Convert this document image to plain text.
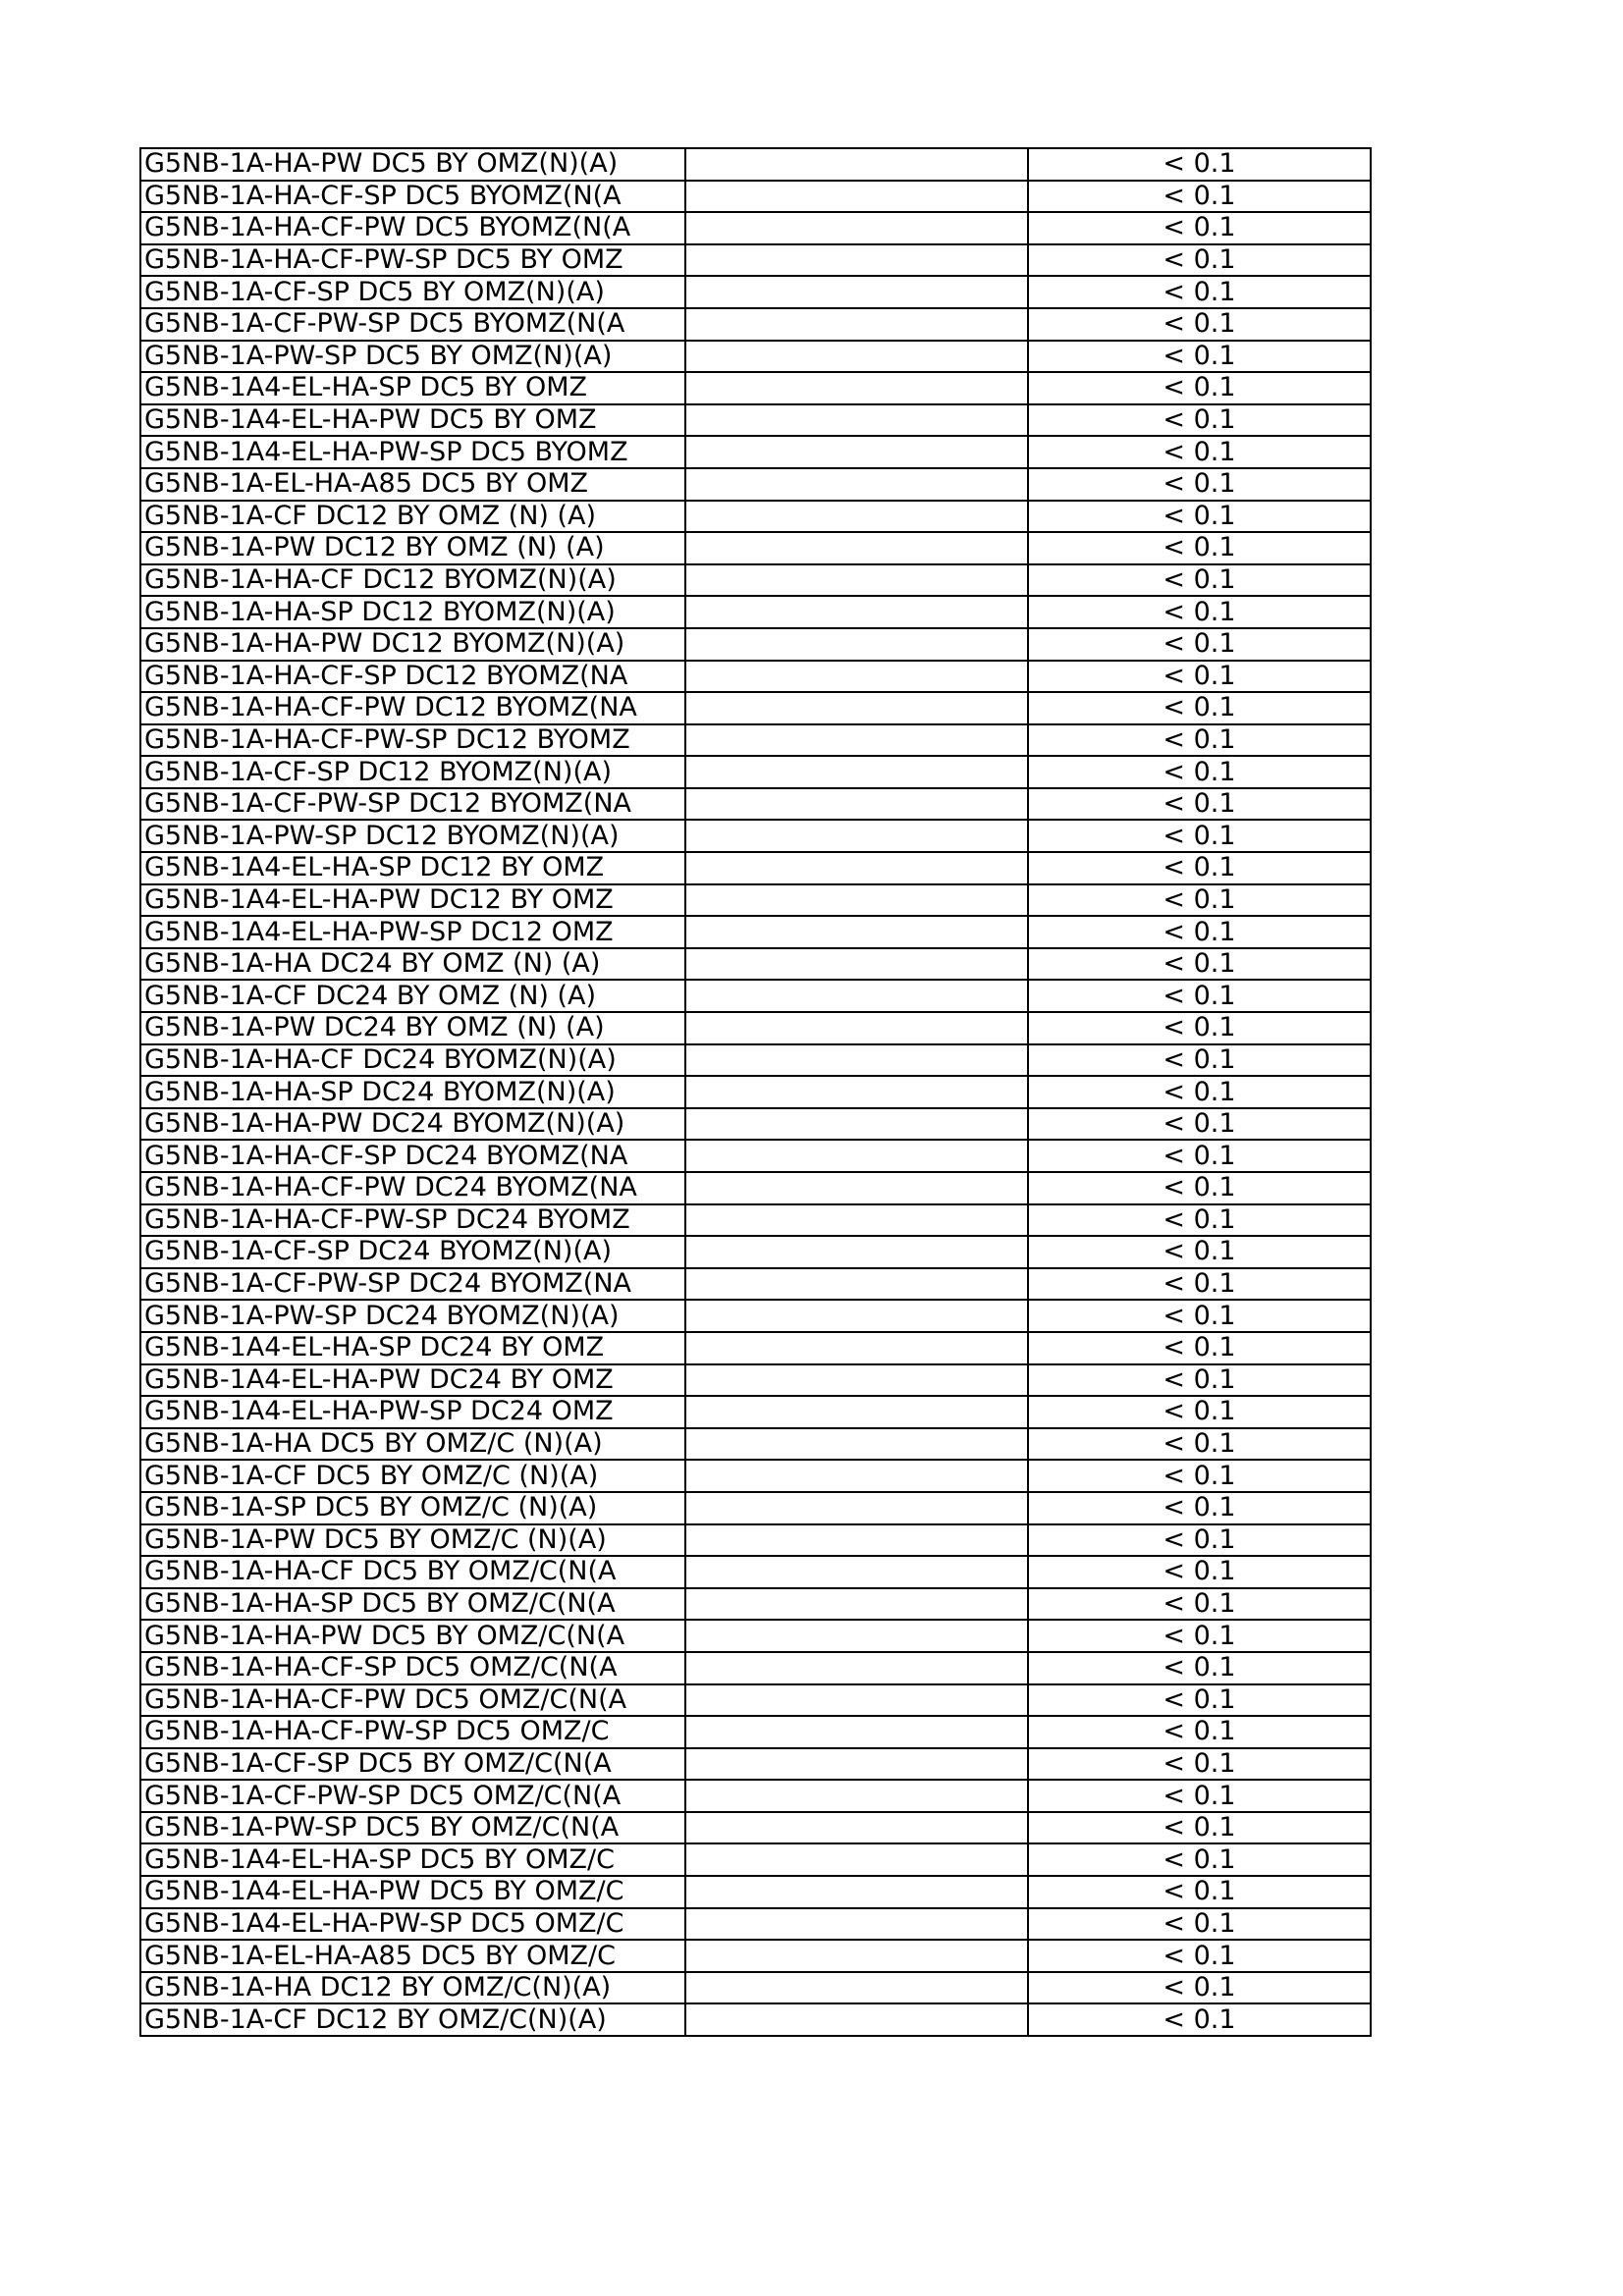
G5NB-1A-HA-PW DC5 BY OMZ(N)(A)		< 0.1
G5NB-1A-HA-CF-SP DC5 BYOMZ(N(A		< 0.1
G5NB-1A-HA-CF-PW DC5 BYOMZ(N(A		< 0.1
G5NB-1A-HA-CF-PW-SP DC5 BY OMZ		< 0.1
G5NB-1A-CF-SP DC5 BY OMZ(N)(A)		< 0.1
G5NB-1A-CF-PW-SP DC5 BYOMZ(N(A		< 0.1
G5NB-1A-PW-SP DC5 BY OMZ(N)(A)		< 0.1
G5NB-1A4-EL-HA-SP DC5 BY OMZ		< 0.1
G5NB-1A4-EL-HA-PW DC5 BY OMZ		< 0.1
G5NB-1A4-EL-HA-PW-SP DC5 BYOMZ		< 0.1
G5NB-1A-EL-HA-A85 DC5 BY OMZ		< 0.1
G5NB-1A-CF DC12 BY OMZ (N) (A)		< 0.1
G5NB-1A-PW DC12 BY OMZ (N) (A)		< 0.1
G5NB-1A-HA-CF DC12 BYOMZ(N)(A)		< 0.1
G5NB-1A-HA-SP DC12 BYOMZ(N)(A)		< 0.1
G5NB-1A-HA-PW DC12 BYOMZ(N)(A)		< 0.1
G5NB-1A-HA-CF-SP DC12 BYOMZ(NA		< 0.1
G5NB-1A-HA-CF-PW DC12 BYOMZ(NA		< 0.1
G5NB-1A-HA-CF-PW-SP DC12 BYOMZ		< 0.1
G5NB-1A-CF-SP DC12 BYOMZ(N)(A)		< 0.1
G5NB-1A-CF-PW-SP DC12 BYOMZ(NA		< 0.1
G5NB-1A-PW-SP DC12 BYOMZ(N)(A)		< 0.1
G5NB-1A4-EL-HA-SP DC12 BY OMZ		< 0.1
G5NB-1A4-EL-HA-PW DC12 BY OMZ		< 0.1
G5NB-1A4-EL-HA-PW-SP DC12 OMZ		< 0.1
G5NB-1A-HA DC24 BY OMZ (N) (A)		< 0.1
G5NB-1A-CF DC24 BY OMZ (N) (A)		< 0.1
G5NB-1A-PW DC24 BY OMZ (N) (A)		< 0.1
G5NB-1A-HA-CF DC24 BYOMZ(N)(A)		< 0.1
G5NB-1A-HA-SP DC24 BYOMZ(N)(A)		< 0.1
G5NB-1A-HA-PW DC24 BYOMZ(N)(A)		< 0.1
G5NB-1A-HA-CF-SP DC24 BYOMZ(NA		< 0.1
G5NB-1A-HA-CF-PW DC24 BYOMZ(NA		< 0.1
G5NB-1A-HA-CF-PW-SP DC24 BYOMZ		< 0.1
G5NB-1A-CF-SP DC24 BYOMZ(N)(A)		< 0.1
G5NB-1A-CF-PW-SP DC24 BYOMZ(NA		< 0.1
G5NB-1A-PW-SP DC24 BYOMZ(N)(A)		< 0.1
G5NB-1A4-EL-HA-SP DC24 BY OMZ		< 0.1
G5NB-1A4-EL-HA-PW DC24 BY OMZ		< 0.1
G5NB-1A4-EL-HA-PW-SP DC24 OMZ		< 0.1
G5NB-1A-HA DC5 BY OMZ/C (N)(A)		< 0.1
G5NB-1A-CF DC5 BY OMZ/C (N)(A)		< 0.1
G5NB-1A-SP DC5 BY OMZ/C (N)(A)		< 0.1
G5NB-1A-PW DC5 BY OMZ/C (N)(A)		< 0.1
G5NB-1A-HA-CF DC5 BY OMZ/C(N(A		< 0.1
G5NB-1A-HA-SP DC5 BY OMZ/C(N(A		< 0.1
G5NB-1A-HA-PW DC5 BY OMZ/C(N(A		< 0.1
G5NB-1A-HA-CF-SP DC5 OMZ/C(N(A		< 0.1
G5NB-1A-HA-CF-PW DC5 OMZ/C(N(A		< 0.1
G5NB-1A-HA-CF-PW-SP DC5 OMZ/C		< 0.1
G5NB-1A-CF-SP DC5 BY OMZ/C(N(A		< 0.1
G5NB-1A-CF-PW-SP DC5 OMZ/C(N(A		< 0.1
G5NB-1A-PW-SP DC5 BY OMZ/C(N(A		< 0.1
G5NB-1A4-EL-HA-SP DC5 BY OMZ/C		< 0.1
G5NB-1A4-EL-HA-PW DC5 BY OMZ/C		< 0.1
G5NB-1A4-EL-HA-PW-SP DC5 OMZ/C		< 0.1
G5NB-1A-EL-HA-A85 DC5 BY OMZ/C		< 0.1
G5NB-1A-HA DC12 BY OMZ/C(N)(A)		< 0.1
G5NB-1A-CF DC12 BY OMZ/C(N)(A)		< 0.1
